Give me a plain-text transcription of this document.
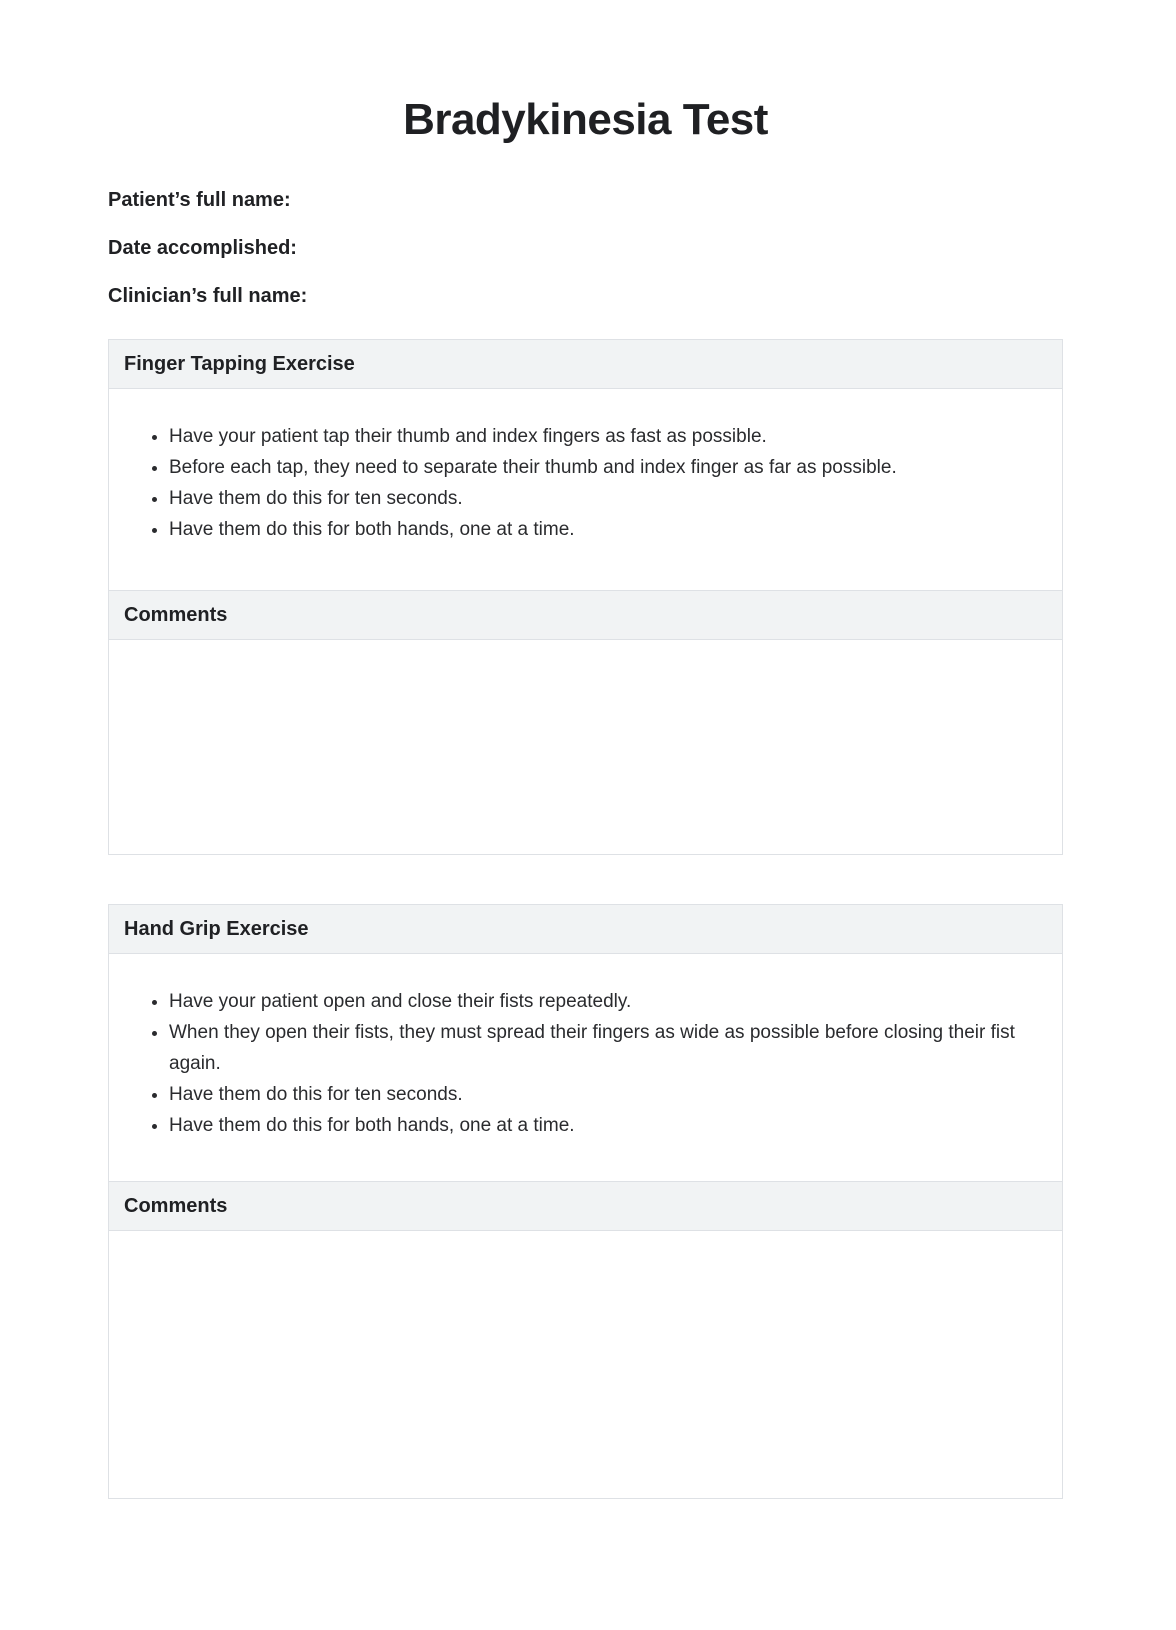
Bradykinesia Test

Patient’s full name:

Date accomplished:

Clinician’s full name:

Finger Tapping Exercise
• Have your patient tap their thumb and index fingers as fast as possible.
• Before each tap, they need to separate their thumb and index finger as far as possible.
• Have them do this for ten seconds.
• Have them do this for both hands, one at a time.
Comments
Hand Grip Exercise
• Have your patient open and close their fists repeatedly.
• When they open their fists, they must spread their fingers as wide as possible before closing their fist again.
• Have them do this for ten seconds.
• Have them do this for both hands, one at a time.
Comments
